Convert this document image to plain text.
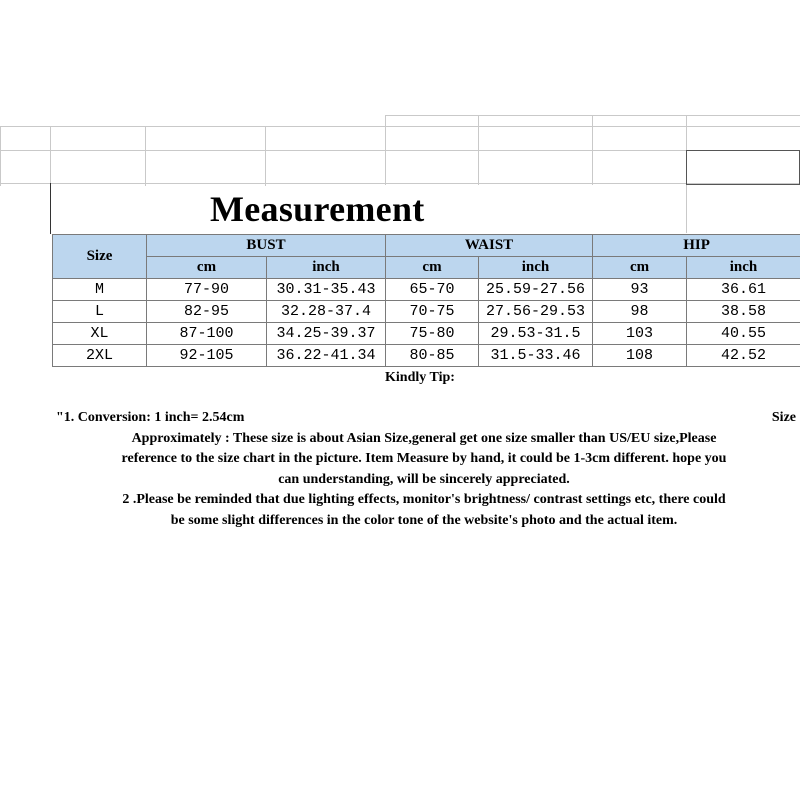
Measurement
Size	BUST		WAIST		HIP	
	cm	inch	cm	inch	cm	inch
M	77-90	30.31-35.43	65-70	25.59-27.56	93	36.61
L	82-95	32.28-37.4	70-75	27.56-29.53	98	38.58
XL	87-100	34.25-39.37	75-80	29.53-31.5	103	40.55
2XL	92-105	36.22-41.34	80-85	31.5-33.46	108	42.52
Kindly Tip:
"1. Conversion: 1 inch= 2.54cm	Size
Approximately : These size is about Asian Size,general get one size smaller than US/EU size,Please
reference to the size chart in the picture. Item Measure by hand, it could be 1-3cm different. hope you
can understanding, will be sincerely appreciated.
2 .Please be reminded that due lighting effects, monitor's brightness/ contrast settings etc, there could
be some slight differences in the color tone of the website's photo and the actual item.
